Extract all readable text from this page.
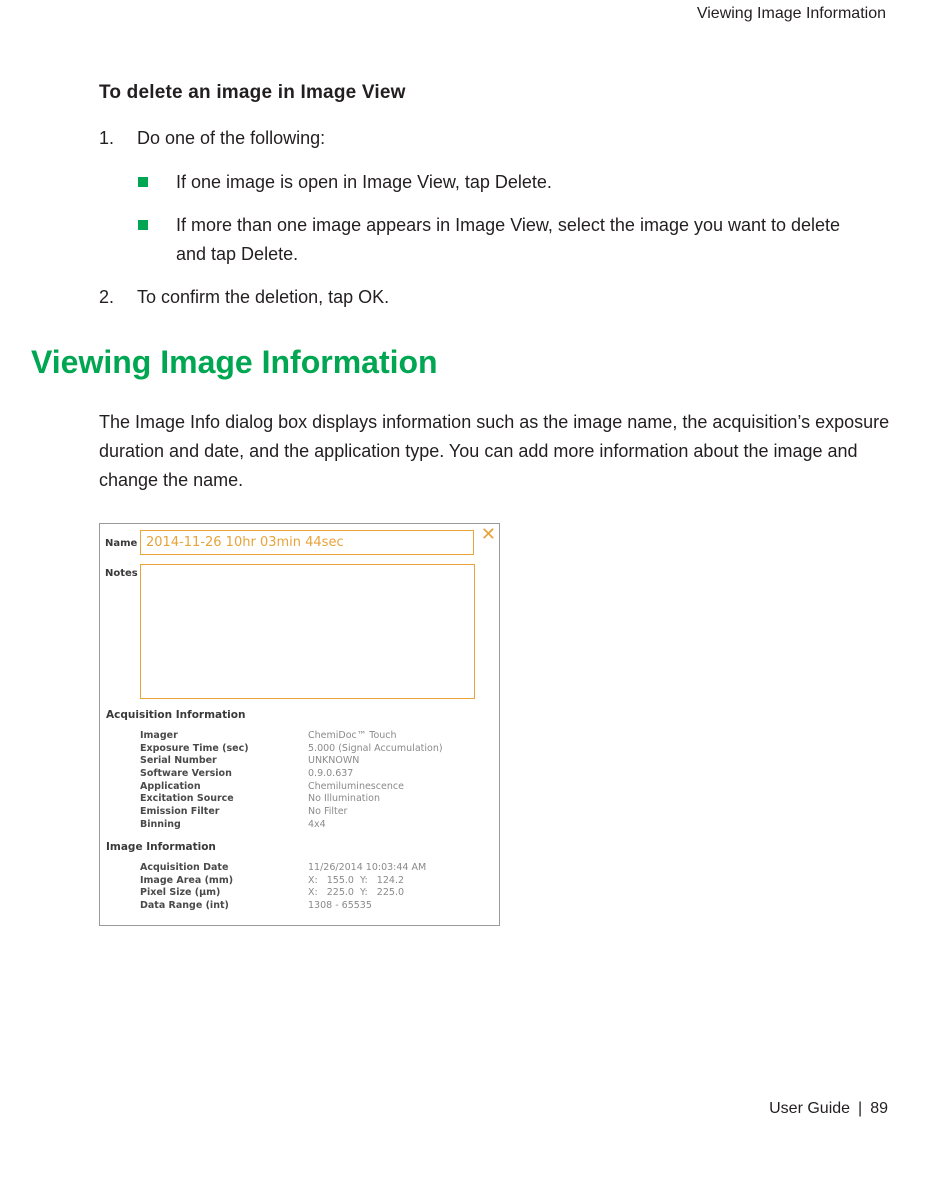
Viewing Image Information
To delete an image in Image View
1. Do one of the following:
If one image is open in Image View, tap Delete.
If more than one image appears in Image View, select the image you want to delete and tap Delete.
2. To confirm the deletion, tap OK.
Viewing Image Information
The Image Info dialog box displays information such as the image name, the acquisition’s exposure duration and date, and the application type. You can add more information about the image and change the name.
Name
2014-11-26 10hr 03min 44sec	✕
Notes
Acquisition Information
Imager	ChemiDoc™ Touch
Exposure Time (sec)	5.000 (Signal Accumulation)
Serial Number	UNKNOWN
Software Version	0.9.0.637
Application	Chemiluminescence
Excitation Source	No Illumination
Emission Filter	No Filter
Binning	4x4
Image Information
Acquisition Date	11/26/2014 10:03:44 AM
Image Area (mm)	X:   155.0  Y:   124.2
Pixel Size (µm)	X:   225.0  Y:   225.0
Data Range (int)	1308 - 65535
User Guide | 89
